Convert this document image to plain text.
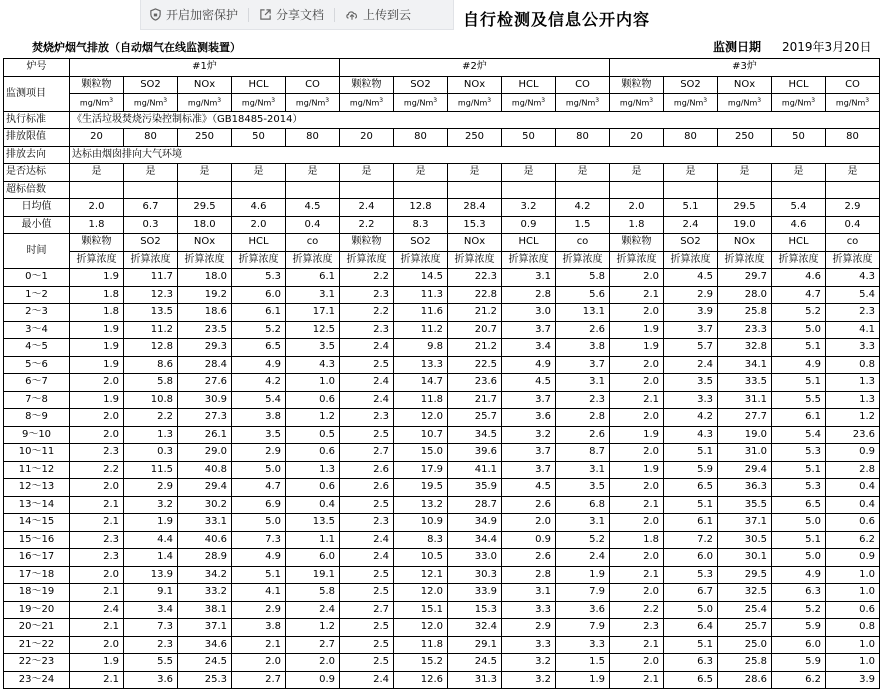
开启加密保护	分享文档	上传到云	自行检测及信息公开内容
焚烧炉烟气排放（自动烟气在线监测装置）	监测日期 2019年3月20日
炉号	#1炉					#2炉					#3炉				
监测项目	颗粒物	SO2	NOx	HCL	CO	颗粒物	SO2	NOx	HCL	CO	颗粒物	SO2	NOx	HCL	CO
	mg/Nm$^3$	mg/Nm$^3$	mg/Nm$^3$	mg/Nm$^3$	mg/Nm$^3$	mg/Nm$^3$	mg/Nm$^3$	mg/Nm$^3$	mg/Nm$^3$	mg/Nm$^3$	mg/Nm$^3$	mg/Nm$^3$	mg/Nm$^3$	mg/Nm$^3$	mg/Nm$^3$
执行标准	《生活垃圾焚烧污染控制标准》（GB18485-2014）														
排放限值	20	80	250	50	80	20	80	250	50	80	20	80	250	50	80
排放去向	达标由烟囱排向大气环境														
是否达标	是	是	是	是	是	是	是	是	是	是	是	是	是	是	是
超标倍数															
日均值	2.0	6.7	29.5	4.6	4.5	2.4	12.8	28.4	3.2	4.2	2.0	5.1	29.5	5.4	2.9
最小值	1.8	0.3	18.0	2.0	0.4	2.2	8.3	15.3	0.9	1.5	1.8	2.4	19.0	4.6	0.4
时间	颗粒物	SO2	NOx	HCL	co	颗粒物	SO2	NOx	HCL	co	颗粒物	SO2	NOx	HCL	co
	折算浓度	折算浓度	折算浓度	折算浓度	折算浓度	折算浓度	折算浓度	折算浓度	折算浓度	折算浓度	折算浓度	折算浓度	折算浓度	折算浓度	折算浓度
0～1	1.9	11.7	18.0	5.3	6.1	2.2	14.5	22.3	3.1	5.8	2.0	4.5	29.7	4.6	4.3
1～2	1.8	12.3	19.2	6.0	3.1	2.3	11.3	22.8	2.8	5.6	2.1	2.9	28.0	4.7	5.4
2～3	1.8	13.5	18.6	6.1	17.1	2.2	11.6	21.2	3.0	13.1	2.0	3.9	25.8	5.2	2.3
3～4	1.9	11.2	23.5	5.2	12.5	2.3	11.2	20.7	3.7	2.6	1.9	3.7	23.3	5.0	4.1
4～5	1.9	12.8	29.3	6.5	3.5	2.4	9.8	21.2	3.4	3.8	1.9	5.7	32.8	5.1	3.3
5～6	1.9	8.6	28.4	4.9	4.3	2.5	13.3	22.5	4.9	3.7	2.0	2.4	34.1	4.9	0.8
6～7	2.0	5.8	27.6	4.2	1.0	2.4	14.7	23.6	4.5	3.1	2.0	3.5	33.5	5.1	1.3
7～8	1.9	10.8	30.9	5.4	0.6	2.4	11.8	21.7	3.7	2.3	2.1	3.3	31.1	5.5	1.3
8～9	2.0	2.2	27.3	3.8	1.2	2.3	12.0	25.7	3.6	2.8	2.0	4.2	27.7	6.1	1.2
9～10	2.0	1.3	26.1	3.5	0.5	2.5	10.7	34.5	3.2	2.6	1.9	4.3	19.0	5.4	23.6
10～11	2.3	0.3	29.0	2.9	0.6	2.7	15.0	39.6	3.7	8.7	2.0	5.1	31.0	5.3	0.9
11～12	2.2	11.5	40.8	5.0	1.3	2.6	17.9	41.1	3.7	3.1	1.9	5.9	29.4	5.1	2.8
12～13	2.0	2.9	29.4	4.7	0.6	2.6	19.5	35.9	4.5	3.5	2.0	6.5	36.3	5.3	0.4
13～14	2.1	3.2	30.2	6.9	0.4	2.5	13.2	28.7	2.6	6.8	2.1	5.1	35.5	6.5	0.4
14～15	2.1	1.9	33.1	5.0	13.5	2.3	10.9	34.9	2.0	3.1	2.0	6.1	37.1	5.0	0.6
15～16	2.3	4.4	40.6	7.3	1.1	2.4	8.3	34.4	0.9	5.2	1.8	7.2	30.5	5.1	6.2
16～17	2.3	1.4	28.9	4.9	6.0	2.4	10.5	33.0	2.6	2.4	2.0	6.0	30.1	5.0	0.9
17～18	2.0	13.9	34.2	5.1	19.1	2.5	12.1	30.3	2.8	1.9	2.1	5.3	29.5	4.9	1.0
18～19	2.1	9.1	33.2	4.1	5.8	2.5	12.0	33.9	3.1	7.9	2.0	6.7	32.5	6.3	1.0
19～20	2.4	3.4	38.1	2.9	2.4	2.7	15.1	15.3	3.3	3.6	2.2	5.0	25.4	5.2	0.6
20～21	2.1	7.3	37.1	3.8	1.2	2.5	12.0	32.4	2.9	7.9	2.3	6.4	25.7	5.9	0.8
21～22	2.0	2.3	34.6	2.1	2.7	2.5	11.8	29.1	3.3	3.3	2.1	5.1	25.0	6.0	1.0
22～23	1.9	5.5	24.5	2.0	2.0	2.5	15.2	24.5	3.2	1.5	2.0	6.3	25.8	5.9	1.0
23～24	2.1	3.6	25.3	2.7	0.9	2.4	12.6	31.3	3.2	1.9	2.1	6.5	28.6	6.2	3.9
